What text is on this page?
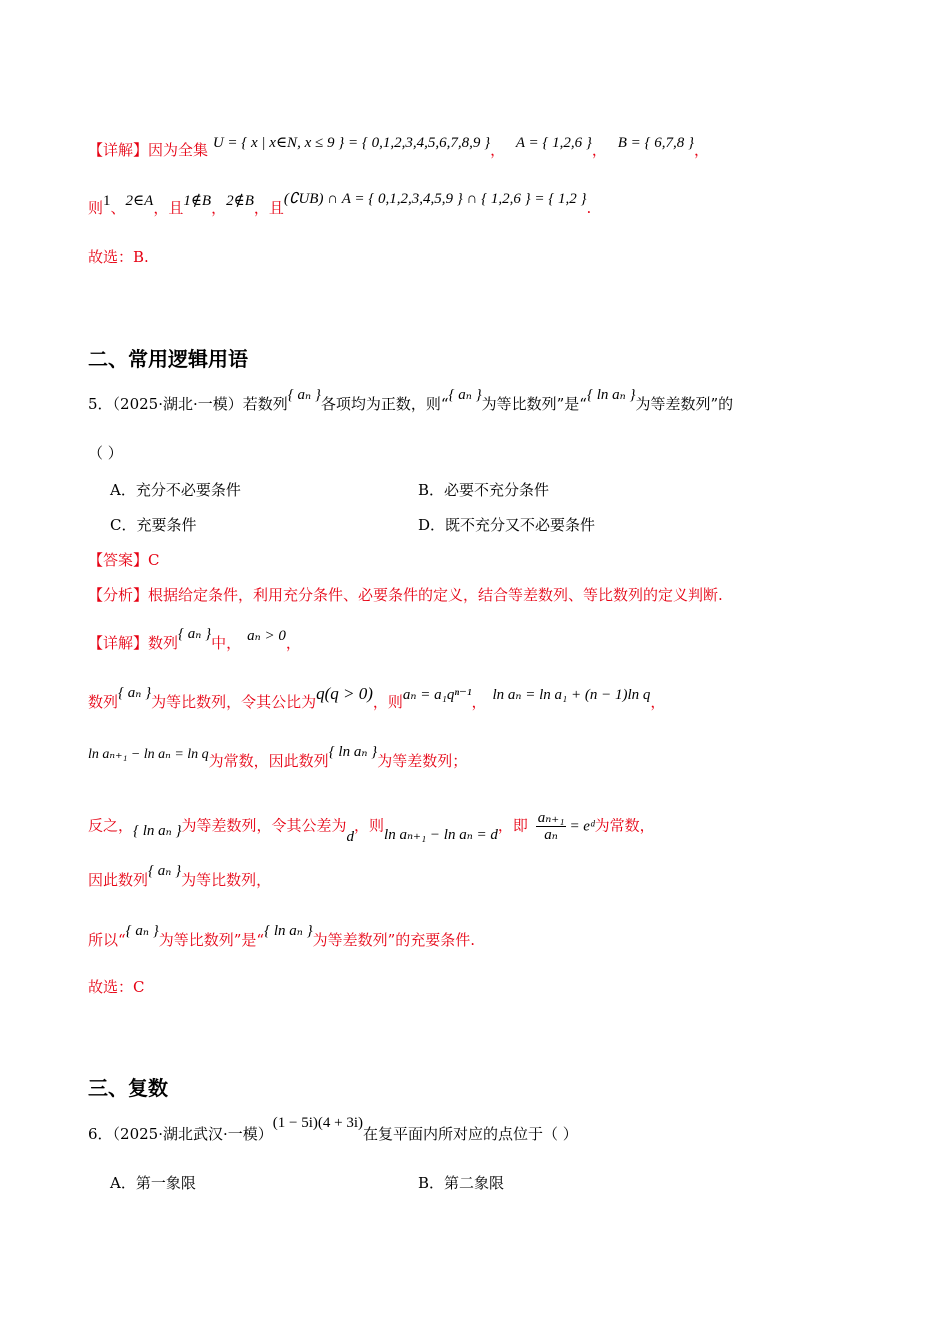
【详解】因为全集 U = { x | x∈N, x ≤ 9 } = { 0,1,2,3,4,5,6,7,8,9 }， A = { 1,2,6 }， B = { 6,7,8 }，
则1、2∈A，且1∉B，2∉B，且(∁UB) ∩ A = { 0,1,2,3,4,5,9 } ∩ { 1,2,6 } = { 1,2 }.
故选：B.
二、常用逻辑用语
5．（2025·湖北·一模）若数列{ aₙ }各项均为正数，则“{ aₙ }为等比数列”是“{ ln aₙ }为等差数列”的
（ ）
A．充分不必要条件	B．必要不充分条件
C．充要条件	D．既不充分又不必要条件
【答案】C
【分析】根据给定条件，利用充分条件、必要条件的定义，结合等差数列、等比数列的定义判断.
【详解】数列{ aₙ }中， aₙ > 0，
数列{ aₙ }为等比数列，令其公比为q(q > 0)，则aₙ = a₁qⁿ⁻¹， ln aₙ = ln a₁ + (n − 1)ln q，
ln aₙ₊₁ − ln aₙ = ln q为常数，因此数列{ ln aₙ }为等差数列；
反之，{ ln aₙ }为等差数列，令其公差为d，则ln aₙ₊₁ − ln aₙ = d，即 $\frac{\text{aₙ₊₁}}{\text{aₙ}}$ = eᵈ为常数，
因此数列{ aₙ }为等比数列，
所以“{ aₙ }为等比数列”是“{ ln aₙ }为等差数列”的充要条件.
故选：C
三、复数
6．（2025·湖北武汉·一模）(1 − 5i)(4 + 3i)在复平面内所对应的点位于（ ）
A．第一象限	B．第二象限
